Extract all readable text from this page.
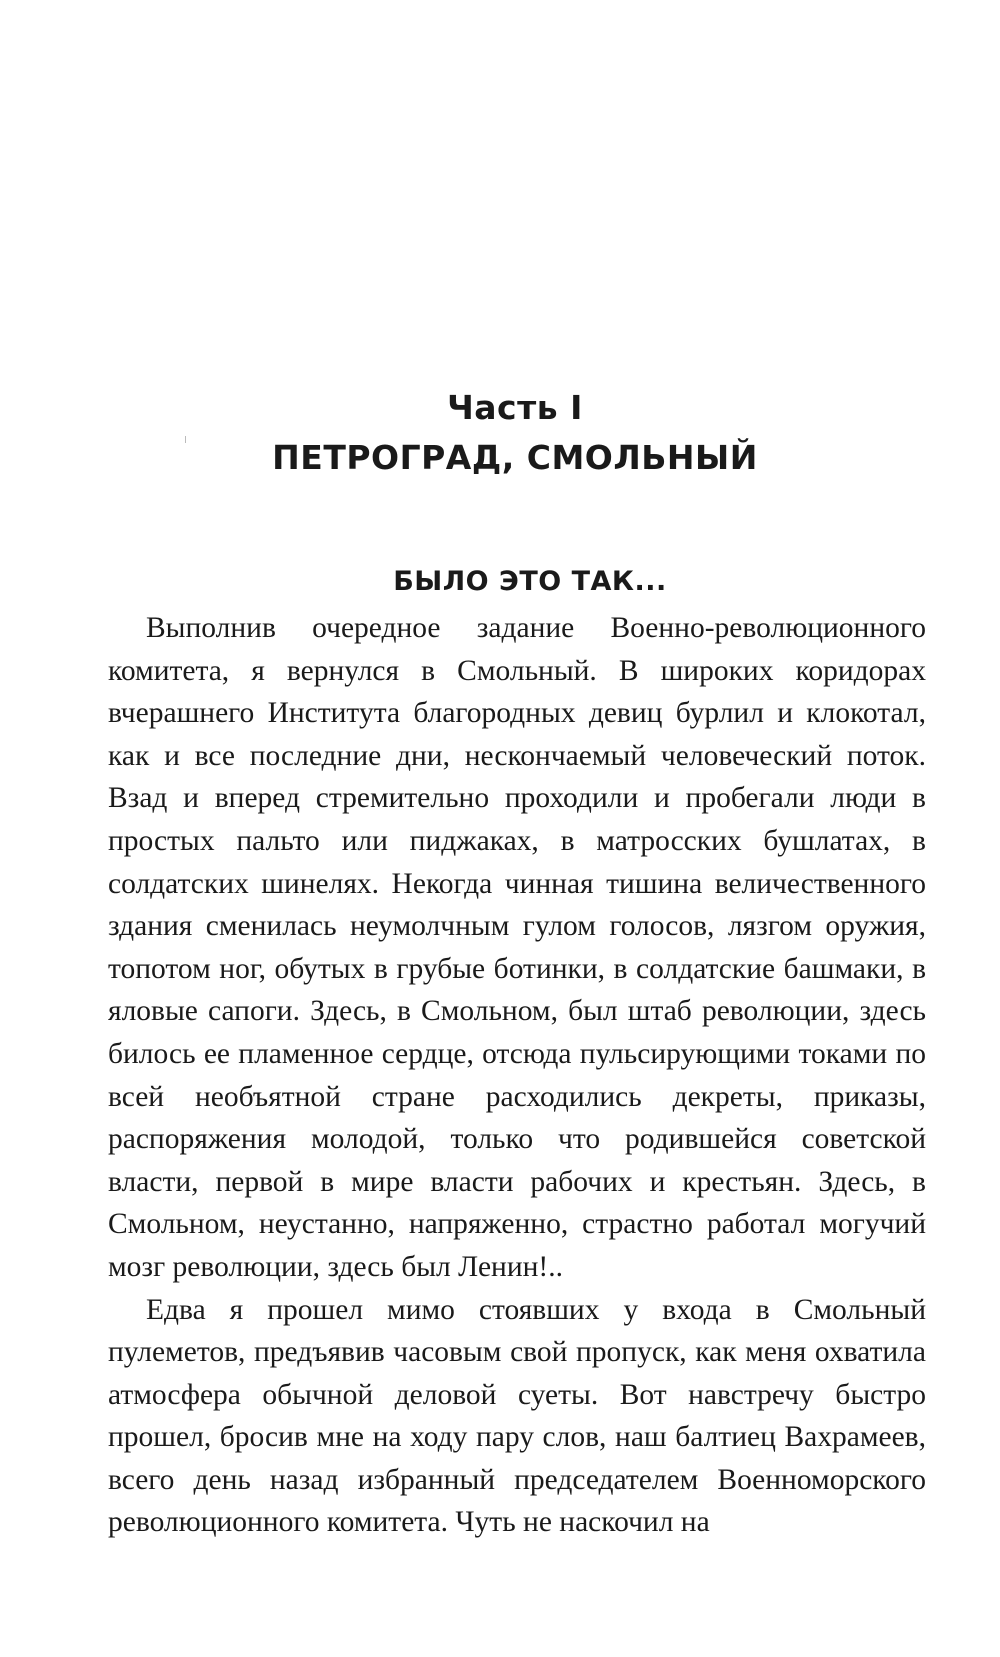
Часть I
ПЕТРОГРАД, СМОЛЬНЫЙ
БЫЛО ЭТО ТАК...

Выполнив очередное задание Военно-революционного комитета, я вернулся в Смольный. В широких коридорах вчерашнего Института благородных девиц бурлил и клокотал, как и все последние дни, нескончаемый человеческий поток. Взад и вперед стремительно проходили и пробегали люди в простых пальто или пиджаках, в матросских бушлатах, в солдатских шинелях. Некогда чинная тишина величественного здания сменилась неумолчным гулом голосов, лязгом оружия, топотом ног, обутых в грубые ботинки, в солдатские башмаки, в яловые сапоги. Здесь, в Смольном, был штаб революции, здесь билось ее пламенное сердце, отсюда пульсирующими токами по всей необъятной стране расходились декреты, приказы, распоряжения молодой, только что родившейся советской власти, первой в мире власти рабочих и крестьян. Здесь, в Смольном, неустанно, напряженно, страстно работал могучий мозг революции, здесь был Ленин!..

Едва я прошел мимо стоявших у входа в Смольный пулеметов, предъявив часовым свой пропуск, как меня охватила атмосфера обычной деловой суеты. Вот навстречу быстро прошел, бросив мне на ходу пару слов, наш балтиец Вахрамеев, всего день назад избранный председателем Военноморского революционного комитета. Чуть не наскочил на
